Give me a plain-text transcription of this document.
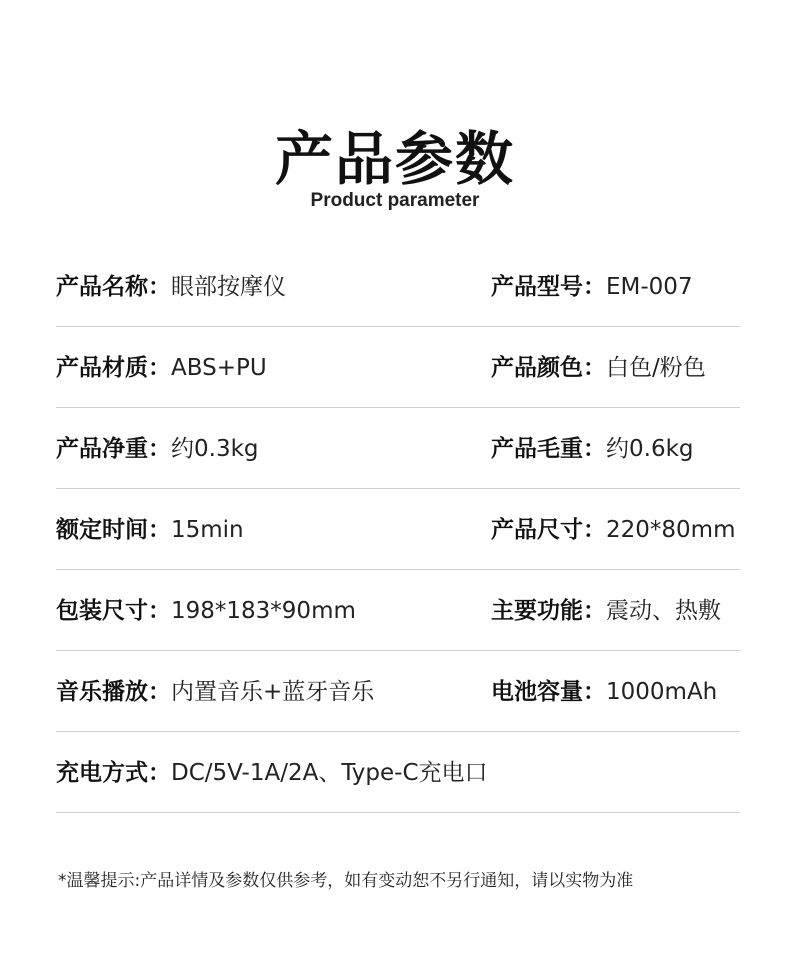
产品参数
Product parameter
产品名称：眼部按摩仪	产品型号：EM-007
产品材质：ABS+PU	产品颜色：白色/粉色
产品净重：约0.3kg	产品毛重：约0.6kg
额定时间：15min	产品尺寸：220*80mm
包装尺寸：198*183*90mm	主要功能：震动、热敷
音乐播放：内置音乐+蓝牙音乐	电池容量：1000mAh
充电方式：DC/5V-1A/2A、Type-C充电口
*温馨提示:产品详情及参数仅供参考，如有变动恕不另行通知，请以实物为准
